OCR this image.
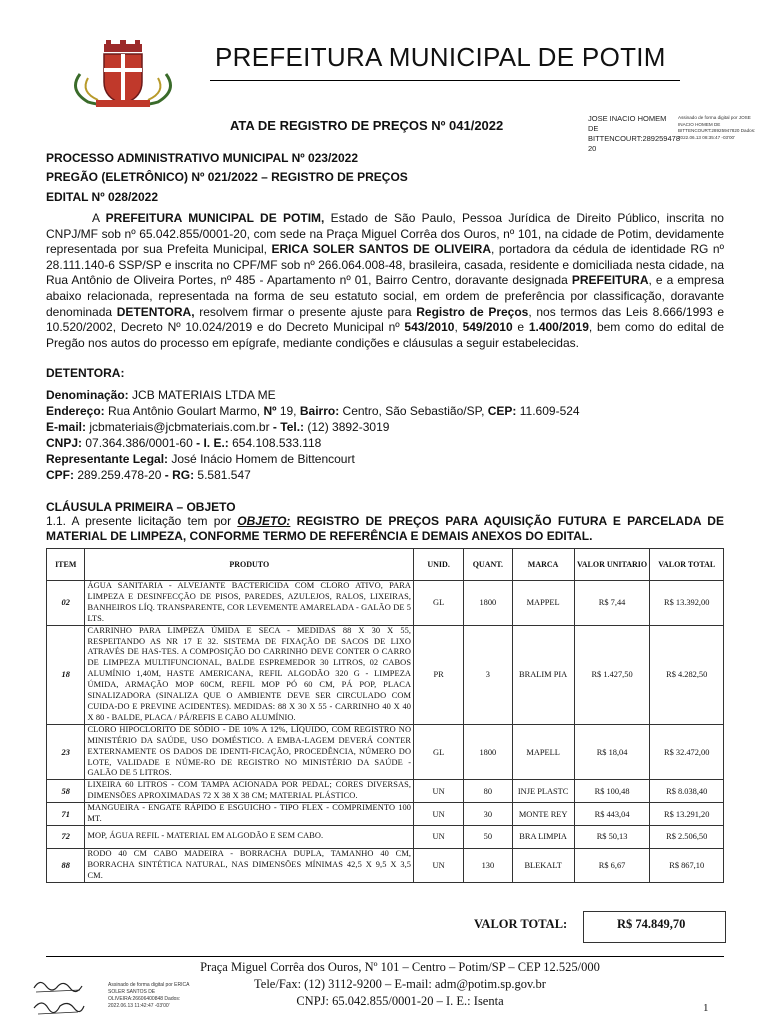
PREFEITURA MUNICIPAL DE POTIM
ATA DE REGISTRO DE PREÇOS Nº 041/2022	JOSE INACIO HOMEM DE BITTENCOURT:289259478 20
Assinado de forma digital por JOSE INACIO HOMEM DE BITTENCOURT:28925947820 Dados: 2022.06.13 08:35:47 -03'00'
PROCESSO ADMINISTRATIVO MUNICIPAL Nº 023/2022
PREGÃO (ELETRÔNICO) Nº 021/2022 – REGISTRO DE PREÇOS
EDITAL Nº 028/2022
A PREFEITURA MUNICIPAL DE POTIM, Estado de São Paulo, Pessoa Jurídica de Direito Público, inscrita no CNPJ/MF sob nº 65.042.855/0001-20, com sede na Praça Miguel Corrêa dos Ouros, nº 101, na cidade de Potim, devidamente representada por sua Prefeita Municipal, ERICA SOLER SANTOS DE OLIVEIRA, portadora da cédula de identidade RG nº 28.111.140-6 SSP/SP e inscrita no CPF/MF sob nº 266.064.008-48, brasileira, casada, residente e domiciliada nesta cidade, na Rua Antônio de Oliveira Portes, nº 485 - Apartamento nº 01, Bairro Centro, doravante designada PREFEITURA, e a empresa abaixo relacionada, representada na forma de seu estatuto social, em ordem de preferência por classificação, doravante denominada DETENTORA, resolvem firmar o presente ajuste para Registro de Preços, nos termos das Leis 8.666/1993 e 10.520/2002, Decreto Nº 10.024/2019 e do Decreto Municipal nº 543/2010, 549/2010 e 1.400/2019, bem como do edital de Pregão nos autos do processo em epígrafe, mediante condições e cláusulas a seguir estabelecidas.
DETENTORA:
Denominação: JCB MATERIAIS LTDA ME
Endereço: Rua Antônio Goulart Marmo, Nº 19, Bairro: Centro, São Sebastião/SP, CEP: 11.609-524
E-mail: jcbmateriais@jcbmateriais.com.br - Tel.: (12) 3892-3019
CNPJ: 07.364.386/0001-60 - I. E.: 654.108.533.118
Representante Legal: José Inácio Homem de Bittencourt
CPF: 289.259.478-20 - RG: 5.581.547
CLÁUSULA PRIMEIRA – OBJETO
1.1. A presente licitação tem por OBJETO: REGISTRO DE PREÇOS PARA AQUISIÇÃO FUTURA E PARCELADA DE MATERIAL DE LIMPEZA, CONFORME TERMO DE REFERÊNCIA E DEMAIS ANEXOS DO EDITAL.
ITEM	PRODUTO	UNID.	QUANT.	MARCA	VALOR UNITARIO	VALOR TOTAL
02	ÁGUA SANITARIA - ALVEJANTE BACTERICIDA COM CLORO ATIVO, PARA LIMPEZA E DESINFECÇÃO DE PISOS, PAREDES, AZULEJOS, RALOS, LIXEIRAS, BANHEIROS LÍQ. TRANSPARENTE, COR LEVEMENTE AMARELADA - GALÃO DE 5 LTS.	GL	1800	MAPPEL	R$ 7,44	R$ 13.392,00
18	CARRINHO PARA LIMPEZA ÚMIDA E SECA - MEDIDAS 88 X 30 X 55, RESPEITANDO AS NR 17 E 32. SISTEMA DE FIXAÇÃO DE SACOS DE LIXO ATRAVÉS DE HAS-TES. A COMPOSIÇÃO DO CARRINHO DEVE CONTER O CARRO DE LIMPEZA MULTIFUNCIONAL, BALDE ESPREMEDOR 30 LITROS, 02 CABOS ALUMÍNIO 1,40M, HASTE AMERICANA, REFIL ALGODÃO 320 G - LIMPEZA ÚMIDA, ARMAÇÃO MOP 60CM, REFIL MOP PÓ 60 CM, PÁ POP, PLACA SINALIZADORA (SINALIZA QUE O AMBIENTE DEVE SER CIRCULADO COM CUIDA-DO E PREVINE ACIDENTES). MEDIDAS: 88 X 30 X 55 - CARRINHO 40 X 40 X 80 - BALDE, PLACA / PÁ/REFIS E CABO ALUMÍNIO.	PR	3	BRALIM PIA	R$ 1.427,50	R$ 4.282,50
23	CLORO HIPOCLORITO DE SÓDIO - DE 10% A 12%, LÍQUIDO, COM REGISTRO NO MINISTÉRIO DA SAÚDE, USO DOMÉSTICO. A EMBA-LAGEM DEVERÁ CONTER EXTERNAMENTE OS DADOS DE IDENTI-FICAÇÃO, PROCEDÊNCIA, NÚMERO DO LOTE, VALIDADE E NÚME-RO DE REGISTRO NO MINISTÉRIO DA SAÚDE - GALÃO DE 5 LITROS.	GL	1800	MAPELL	R$ 18,04	R$ 32.472,00
58	LIXEIRA 60 LITROS - COM TAMPA ACIONADA POR PEDAL; CORES DIVERSAS, DIMENSÕES APROXIMADAS 72 X 38 X 38 CM; MATERIAL PLÁSTICO.	UN	80	INJE PLASTC	R$ 100,48	R$ 8.038,40
71	MANGUEIRA - ENGATE RÁPIDO E ESGUICHO - TIPO FLEX - COMPRIMENTO 100 MT.	UN	30	MONTE REY	R$ 443,04	R$ 13.291,20
72	MOP, ÁGUA REFIL - MATERIAL EM ALGODÃO E SEM CABO.	UN	50	BRA LIMPIA	R$ 50,13	R$ 2.506,50
88	RODO 40 CM CABO MADEIRA - BORRACHA DUPLA, TAMANHO 40 CM, BORRACHA SINTÉTICA NATURAL, NAS DIMENSÕES MÍNIMAS 42,5 X 9,5 X 3,5 CM.	UN	130	BLEKALT	R$ 6,67	R$ 867,10
VALOR TOTAL:	R$ 74.849,70
Praça Miguel Corrêa dos Ouros, Nº 101 – Centro – Potim/SP – CEP 12.525/000
Tele/Fax: (12) 3112-9200 – E-mail: adm@potim.sp.gov.br
CNPJ: 65.042.855/0001-20 – I. E.: Isenta
Assinado de forma digital por ERICA SOLER SANTOS DE OLIVEIRA:26606400848 Dados: 2022.06.13 11:42:47 -03'00'	1
